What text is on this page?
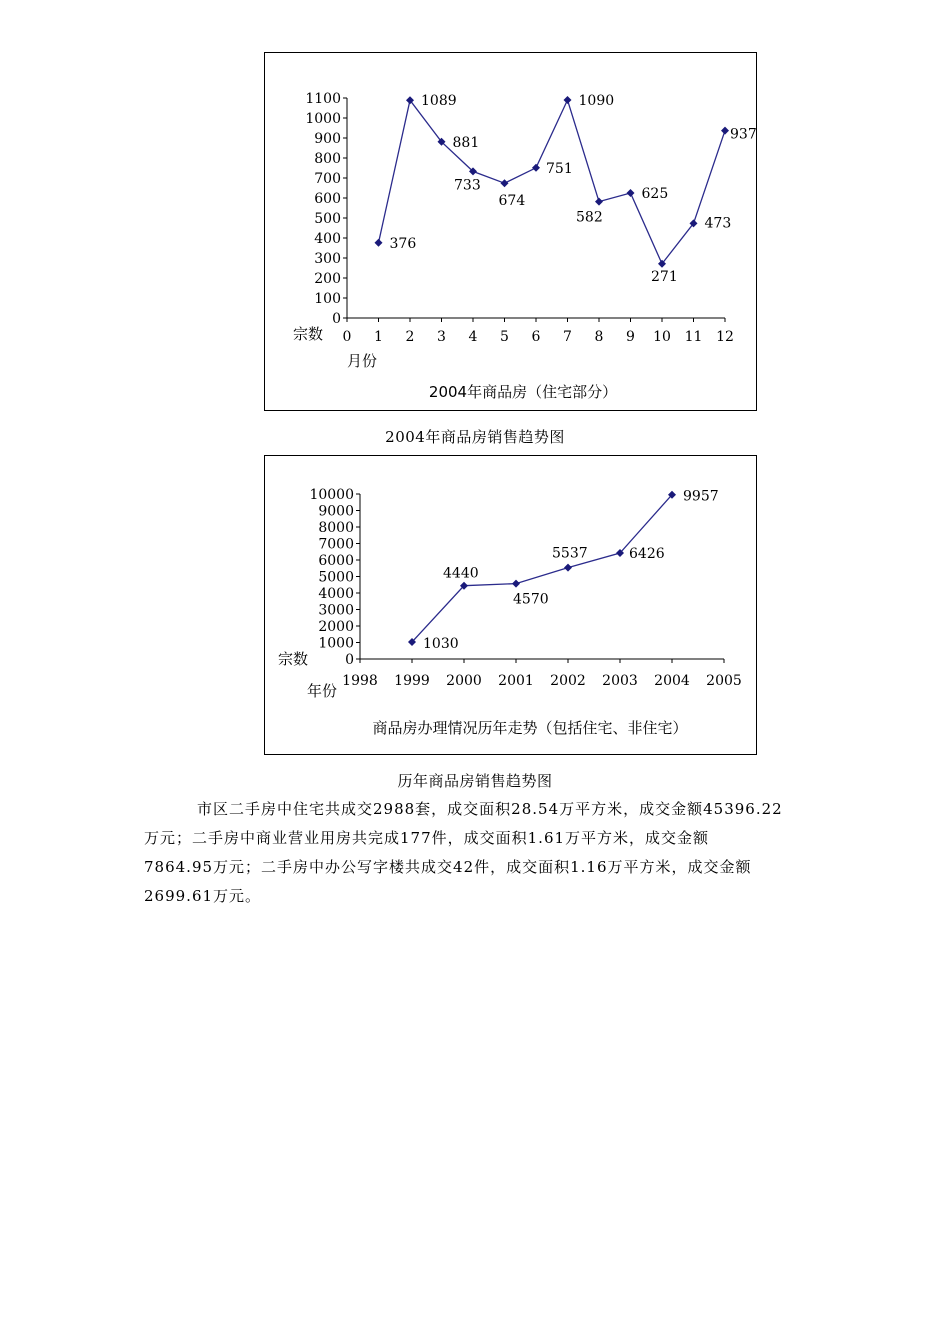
0
100
200
300
400
500
600
700
800
900
1000
1100
0 1 2 3 4 5 6 7 8 9 10 11 12
376
1089
881
733
674
751
1090
582
625
271
473
937
宗数
月份
2004年商品房（住宅部分）
2004年商品房销售趋势图
0
1000
2000
3000
4000
5000
6000
7000
8000
9000
10000
1998 1999 2000 2001 2002 2003 2004 2005
1030
4440
4570
5537	6426
9957
宗数
年份
商品房办理情况历年走势（包括住宅、非住宅）
历年商品房销售趋势图
市区二手房中住宅共成交2988套，成交面积28.54万平方米，成交金额45396.22
万元；二手房中商业营业用房共完成177件，成交面积1.61万平方米，成交金额
7864.95万元；二手房中办公写字楼共成交42件，成交面积1.16万平方米，成交金额
2699.61万元。
